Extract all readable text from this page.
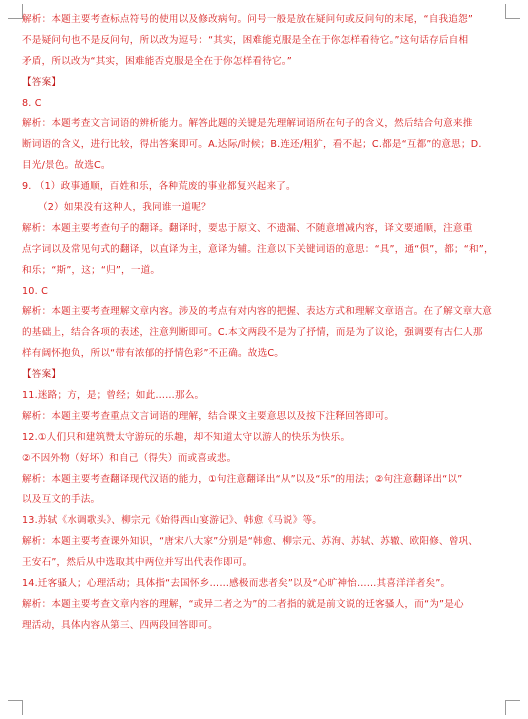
解析：本题主要考查标点符号的使用以及修改病句。问号一般是放在疑问句或反问句的末尾，“自我追怨”
不是疑问句也不是反问句，所以改为逗号：“其实，困难能克服是全在于你怎样看待它。”这句话存后自相
矛盾，所以改为“其实，困难能否克服是全在于你怎样看待它。”
【答案】
8. C
解析：本题考查文言词语的辨析能力。解答此题的关键是先理解词语所在句子的含义，然后结合句意来推
断词语的含义，进行比较，得出答案即可。A.达际/时候；B.连还/粗犷，看不起；C.都是“互都”的意思；D.
目光/景色。故选C。
9. （1）政事通顺，百姓和乐，各种荒废的事业都复兴起来了。
（2）如果没有这种人，我同谁一道呢？
解析：本题主要考查句子的翻译。翻译时，要忠于原文、不遗漏、不随意增减内容，译文要通顺，注意重
点字词以及常见句式的翻译，以直译为主，意译为辅。注意以下关键词语的意思：“具”，通“俱”，都；“和”，
和乐；“斯”，这；“归”，一道。
10. C
解析：本题主要考查理解文章内容。涉及的考点有对内容的把握、表达方式和理解文章语言。在了解文章大意
的基础上，结合各项的表述，注意判断即可。C.本文两段不是为了抒情，而是为了议论，强调要有古仁人那
样有阔怀抱负，所以“带有浓郁的抒情色彩”不正确。故选C。
【答案】
11.迷路；方，是；曾经；如此……那么。
解析：本题主要考查重点文言词语的理解，结合课文主要意思以及按下注释回答即可。
12.①人们只和建筑赞太守游玩的乐趣，却不知道太守以游人的快乐为快乐。
②不因外物（好坏）和自己（得失）而或喜或悲。
解析：本题主要考查翻译现代汉语的能力，①句注意翻译出“从”以及“乐”的用法；②句注意翻译出“以”
以及互文的手法。
13.苏轼《水调歌头》、柳宗元《始得西山宴游记》、韩愈《马说》等。
解析：本题主要考查课外知识，“唐宋八大家”分别是“韩愈、柳宗元、苏洵、苏轼、苏辙、欧阳修、曾巩、
王安石”，然后从中选取其中两位并写出代表作即可。
14.迁客骚人；心理活动；具体指“去国怀乡……感极而悲者矣”以及“心旷神怡……其喜洋洋者矣”。
解析：本题主要考查文章内容的理解，“或异二者之为”的二者指的就是前文说的迁客骚人，而“为”是心
理活动，具体内容从第三、四两段回答即可。
